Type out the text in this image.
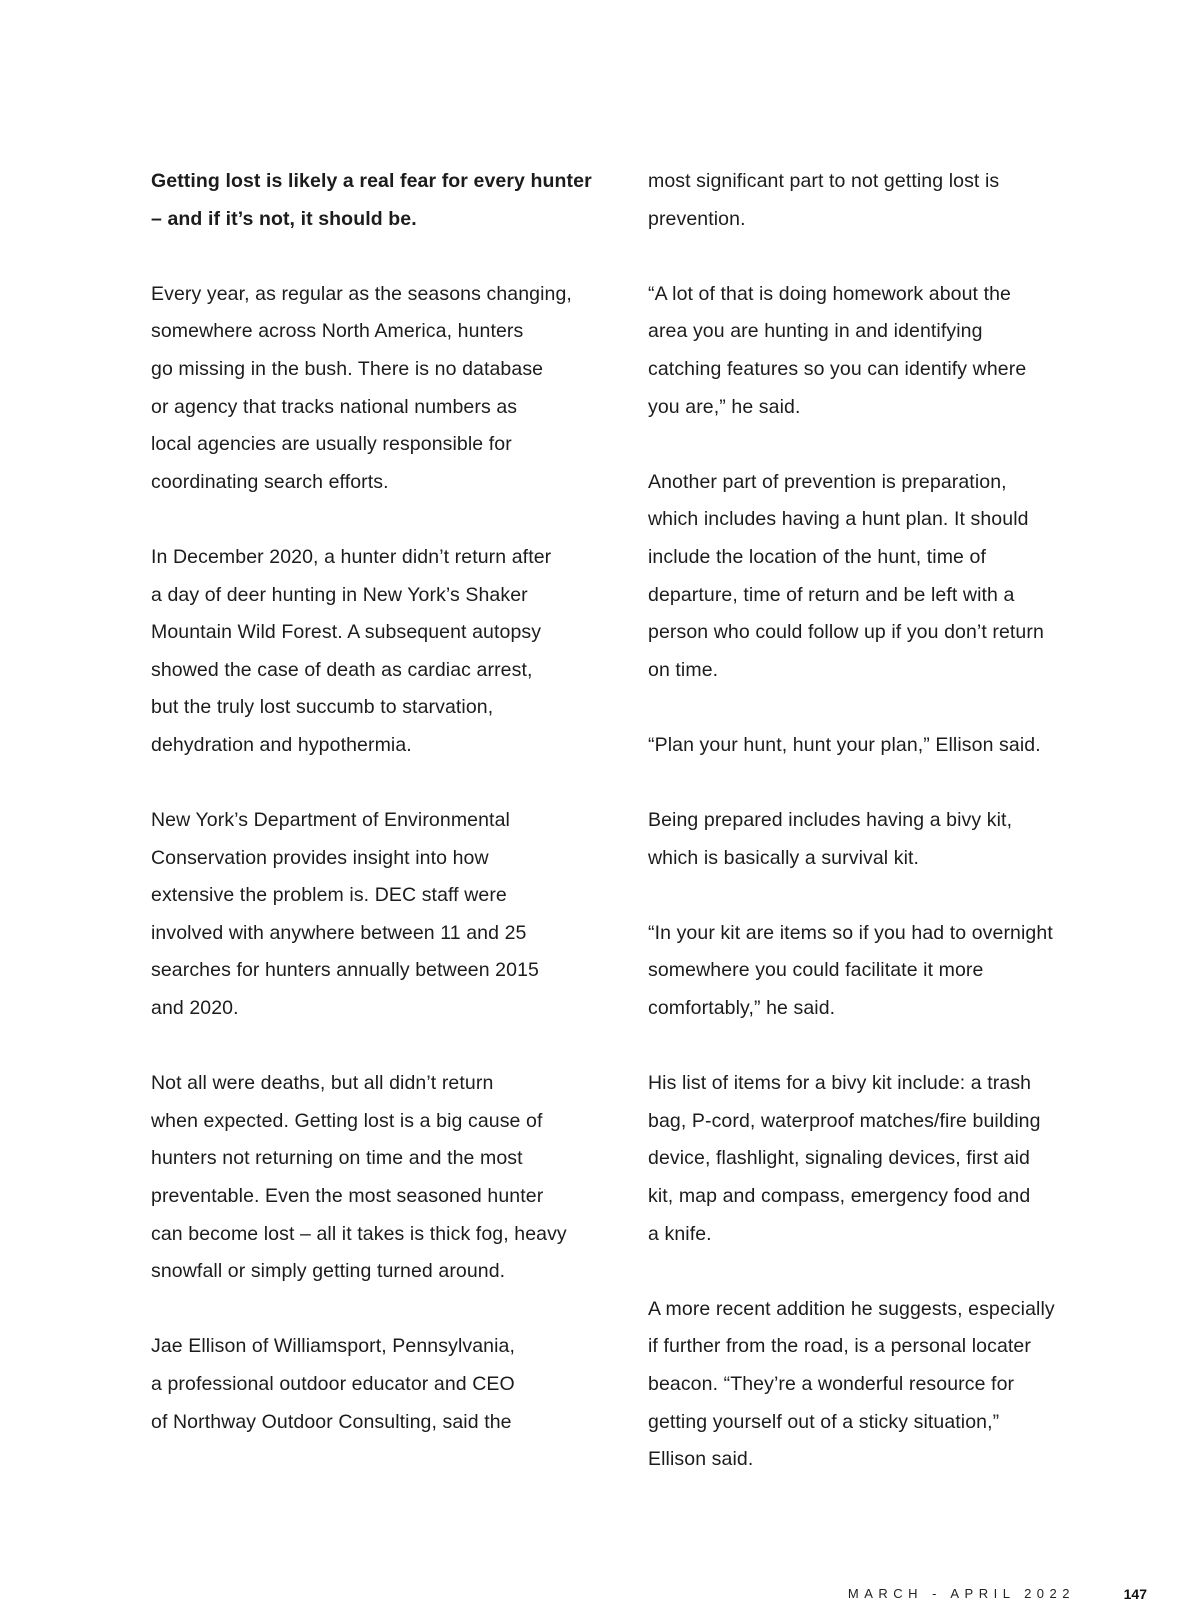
Getting lost is likely a real fear for every hunter
– and if it’s not, it should be.

Every year, as regular as the seasons changing,
somewhere across North America, hunters
go missing in the bush. There is no database
or agency that tracks national numbers as
local agencies are usually responsible for
coordinating search efforts.

In December 2020, a hunter didn’t return after
a day of deer hunting in New York’s Shaker
Mountain Wild Forest. A subsequent autopsy
showed the case of death as cardiac arrest,
but the truly lost succumb to starvation,
dehydration and hypothermia.

New York’s Department of Environmental
Conservation provides insight into how
extensive the problem is. DEC staff were
involved with anywhere between 11 and 25
searches for hunters annually between 2015
and 2020.

Not all were deaths, but all didn’t return
when expected. Getting lost is a big cause of
hunters not returning on time and the most
preventable. Even the most seasoned hunter
can become lost – all it takes is thick fog, heavy
snowfall or simply getting turned around.

Jae Ellison of Williamsport, Pennsylvania,
a professional outdoor educator and CEO
of Northway Outdoor Consulting, said the

most significant part to not getting lost is
prevention.

“A lot of that is doing homework about the
area you are hunting in and identifying
catching features so you can identify where
you are,” he said.

Another part of prevention is preparation,
which includes having a hunt plan. It should
include the location of the hunt, time of
departure, time of return and be left with a
person who could follow up if you don’t return
on time.

“Plan your hunt, hunt your plan,” Ellison said.

Being prepared includes having a bivy kit,
which is basically a survival kit.

“In your kit are items so if you had to overnight
somewhere you could facilitate it more
comfortably,” he said.

His list of items for a bivy kit include: a trash
bag, P-cord, waterproof matches/fire building
device, flashlight, signaling devices, first aid
kit, map and compass, emergency food and
a knife.

A more recent addition he suggests, especially
if further from the road, is a personal locater
beacon. “They’re a wonderful resource for
getting yourself out of a sticky situation,”
Ellison said.

MARCH - APRIL 2022	147
